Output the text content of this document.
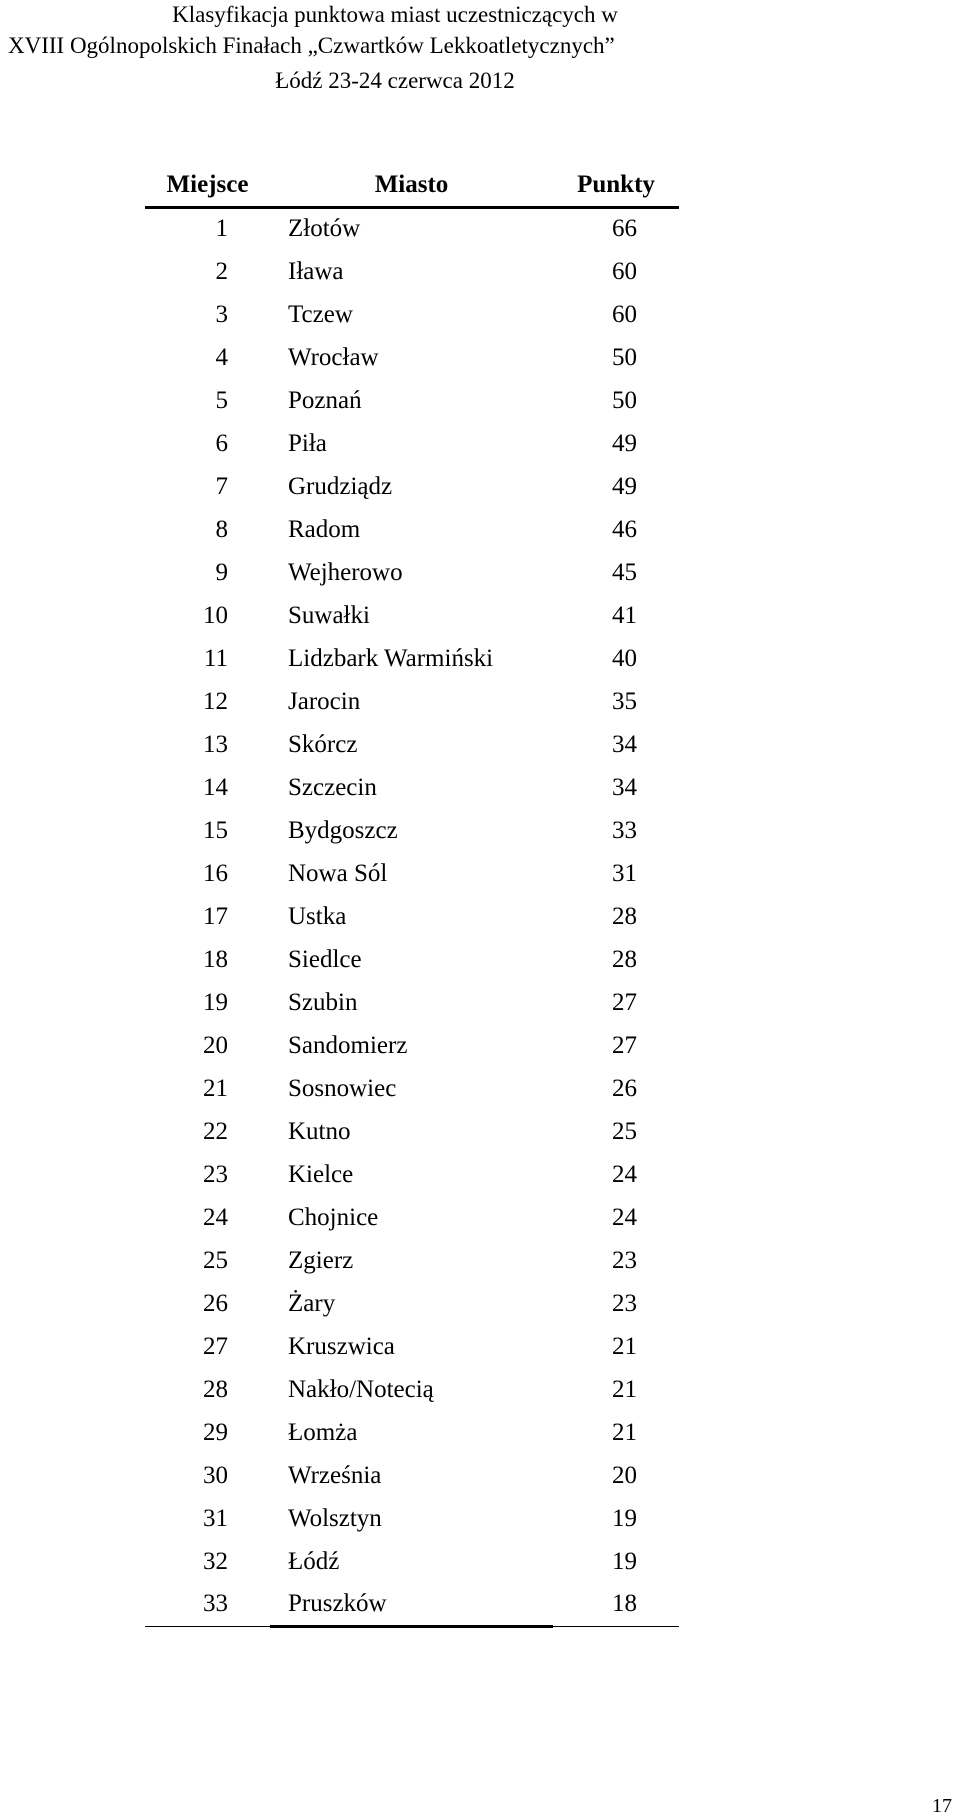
Klasyfikacja punktowa miast uczestniczących w
XVIII Ogólnopolskich Finałach „Czwartków Lekkoatletycznych”
Łódź 23-24 czerwca 2012
Miejsce	Miasto	Punkty
1	Złotów	66
2	Iława	60
3	Tczew	60
4	Wrocław	50
5	Poznań	50
6	Piła	49
7	Grudziądz	49
8	Radom	46
9	Wejherowo	45
10	Suwałki	41
11	Lidzbark Warmiński	40
12	Jarocin	35
13	Skórcz	34
14	Szczecin	34
15	Bydgoszcz	33
16	Nowa Sól	31
17	Ustka	28
18	Siedlce	28
19	Szubin	27
20	Sandomierz	27
21	Sosnowiec	26
22	Kutno	25
23	Kielce	24
24	Chojnice	24
25	Zgierz	23
26	Żary	23
27	Kruszwica	21
28	Nakło/Notecią	21
29	Łomża	21
30	Września	20
31	Wolsztyn	19
32	Łódź	19
33	Pruszków	18
17
